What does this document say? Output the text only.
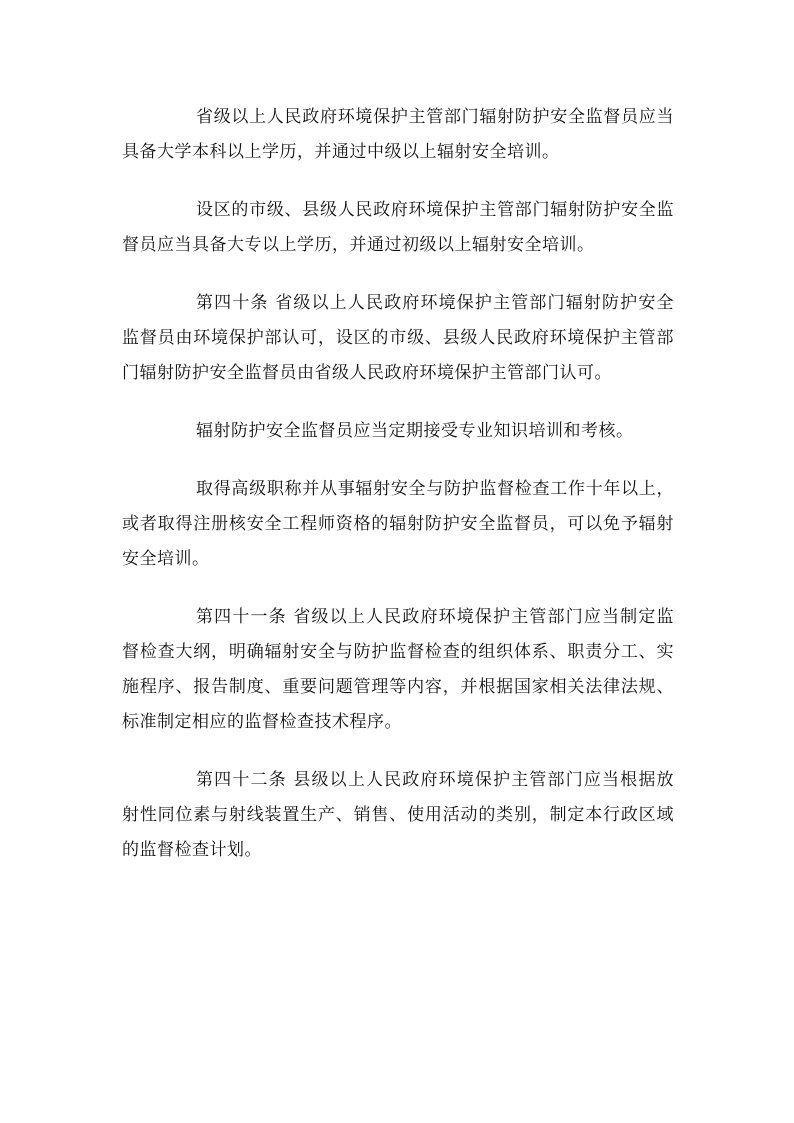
省级以上人民政府环境保护主管部门辐射防护安全监督员应当具备大学本科以上学历，并通过中级以上辐射安全培训。

设区的市级、县级人民政府环境保护主管部门辐射防护安全监督员应当具备大专以上学历，并通过初级以上辐射安全培训。

第四十条 省级以上人民政府环境保护主管部门辐射防护安全监督员由环境保护部认可，设区的市级、县级人民政府环境保护主管部门辐射防护安全监督员由省级人民政府环境保护主管部门认可。

辐射防护安全监督员应当定期接受专业知识培训和考核。

取得高级职称并从事辐射安全与防护监督检查工作十年以上，或者取得注册核安全工程师资格的辐射防护安全监督员，可以免予辐射安全培训。

第四十一条 省级以上人民政府环境保护主管部门应当制定监督检查大纲，明确辐射安全与防护监督检查的组织体系、职责分工、实施程序、报告制度、重要问题管理等内容，并根据国家相关法律法规、标准制定相应的监督检查技术程序。

第四十二条 县级以上人民政府环境保护主管部门应当根据放射性同位素与射线装置生产、销售、使用活动的类别，制定本行政区域的监督检查计划。
